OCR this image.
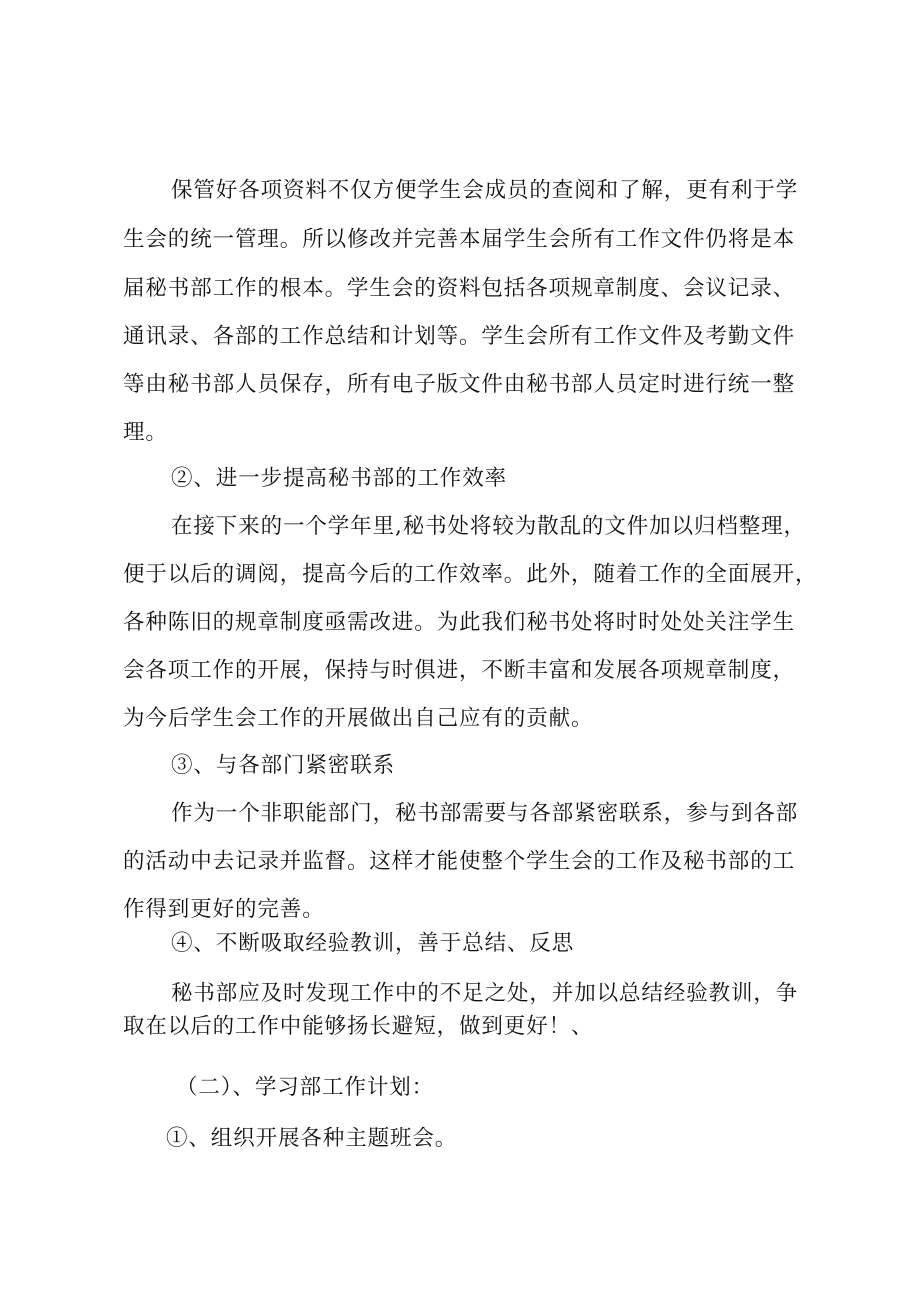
保管好各项资料不仅方便学生会成员的查阅和了解，更有利于学
生会的统一管理。所以修改并完善本届学生会所有工作文件仍将是本
届秘书部工作的根本。学生会的资料包括各项规章制度、会议记录、
通讯录、各部的工作总结和计划等。学生会所有工作文件及考勤文件
等由秘书部人员保存，所有电子版文件由秘书部人员定时进行统一整
理。
②、进一步提高秘书部的工作效率
在接下来的一个学年里,秘书处将较为散乱的文件加以归档整理，
便于以后的调阅，提高今后的工作效率。此外，随着工作的全面展开，
各种陈旧的规章制度亟需改进。为此我们秘书处将时时处处关注学生
会各项工作的开展，保持与时俱进，不断丰富和发展各项规章制度，
为今后学生会工作的开展做出自己应有的贡献。
③、与各部门紧密联系
作为一个非职能部门，秘书部需要与各部紧密联系，参与到各部
的活动中去记录并监督。这样才能使整个学生会的工作及秘书部的工
作得到更好的完善。
④、不断吸取经验教训，善于总结、反思
秘书部应及时发现工作中的不足之处，并加以总结经验教训，争
取在以后的工作中能够扬长避短，做到更好！、
（二）、学习部工作计划：
①、组织开展各种主题班会。
